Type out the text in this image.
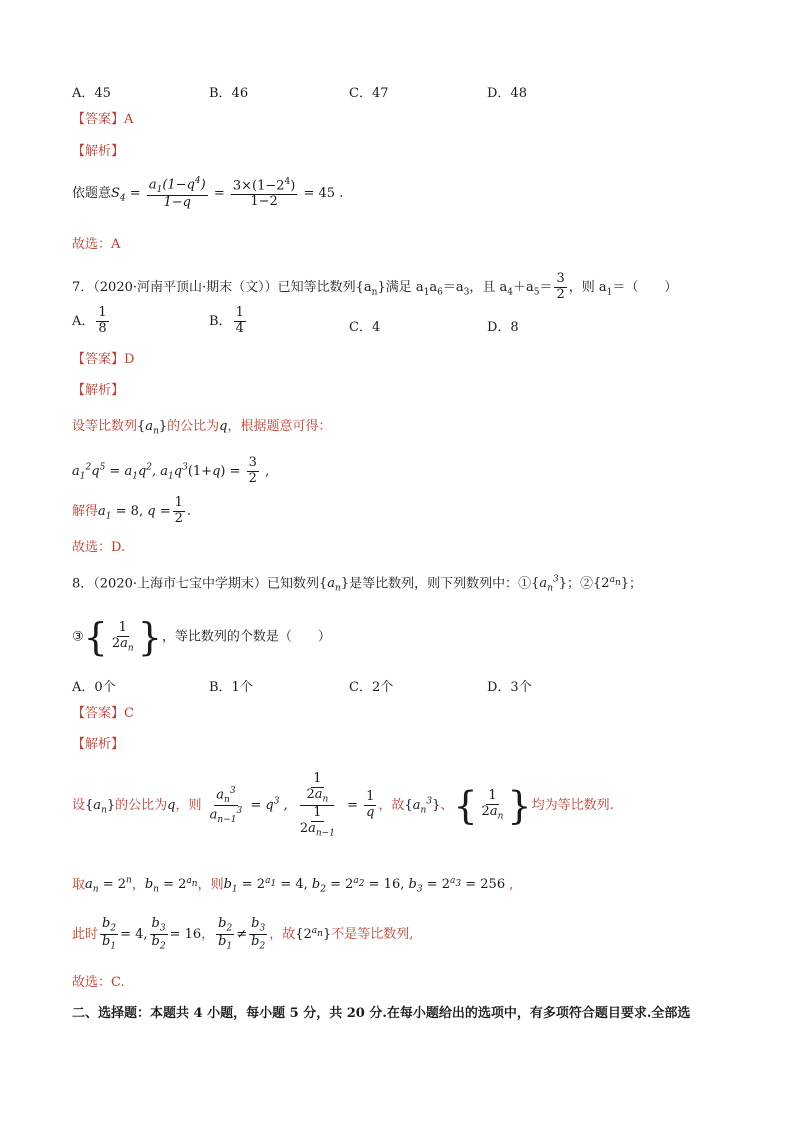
A．45	B．46	C．47	D．48
【答案】A
【解析】
依题意$S_4 = \frac{a_1(1-q^4)}{1-q} = \frac{3\times(1-2^4)}{1-2} = 45$ .
故选：A
7．（2020·河南平顶山·期末（文））已知等比数列$\{a_n\}$满足 $a_1a_6=a_3$，且 $a_4+a_5= \frac{3}{2}$ ，则 $a_1=$（　　）
A． $\frac{1}{8}$	B． $\frac{1}{4}$	C．4	D．8
【答案】D
【解析】
设等比数列$\{a_n\}$的公比为q，根据题意可得：
$a_1^2q^5 = a_1q^2$, $a_1q^3(1+q) = \frac{3}{2}$ ,
解得$a_1 = 8$, $q = \frac{1}{2}$ .
故选：D.
8．（2020·上海市七宝中学期末）已知数列$\{a_n\}$是等比数列，则下列数列中：$①\{a_n^3\}$；$②\{2^{a_n}\}$；
③{ $\frac{1}{2a_n}$ }，等比数列的个数是（　　）
A．0个	B．1个	C．2个	D．3个
【答案】C
【解析】
设$\{a_n\}$的公比为q，则 $\frac{a_n^3}{a_{n-1}^3} = q^3$ , $\frac{\frac{1}{2a_n}}{\frac{1}{2a_{n-1}}} = \frac{1}{q}$ ，故$\{a_n^3\}$、{ $\frac{1}{2a_n}$ }均为等比数列.
取$a_n = 2^n$，$b_n = 2^{a_n}$，则$b_1 = 2^{a_1} = 4$, $b_2 = 2^{a_2} = 16$, $b_3 = 2^{a_3} = 256$ ,
此时 $\frac{b_2}{b_1} = 4$, $\frac{b_3}{b_2} = 16$， $\frac{b_2}{b_1} \ne \frac{b_3}{b_2}$ ，故$\{2^{a_n}\}$不是等比数列,
故选：C.
二、选择题：本题共 4 小题，每小题 5 分，共 20 分.在每小题给出的选项中，有多项符合题目要求.全部选
